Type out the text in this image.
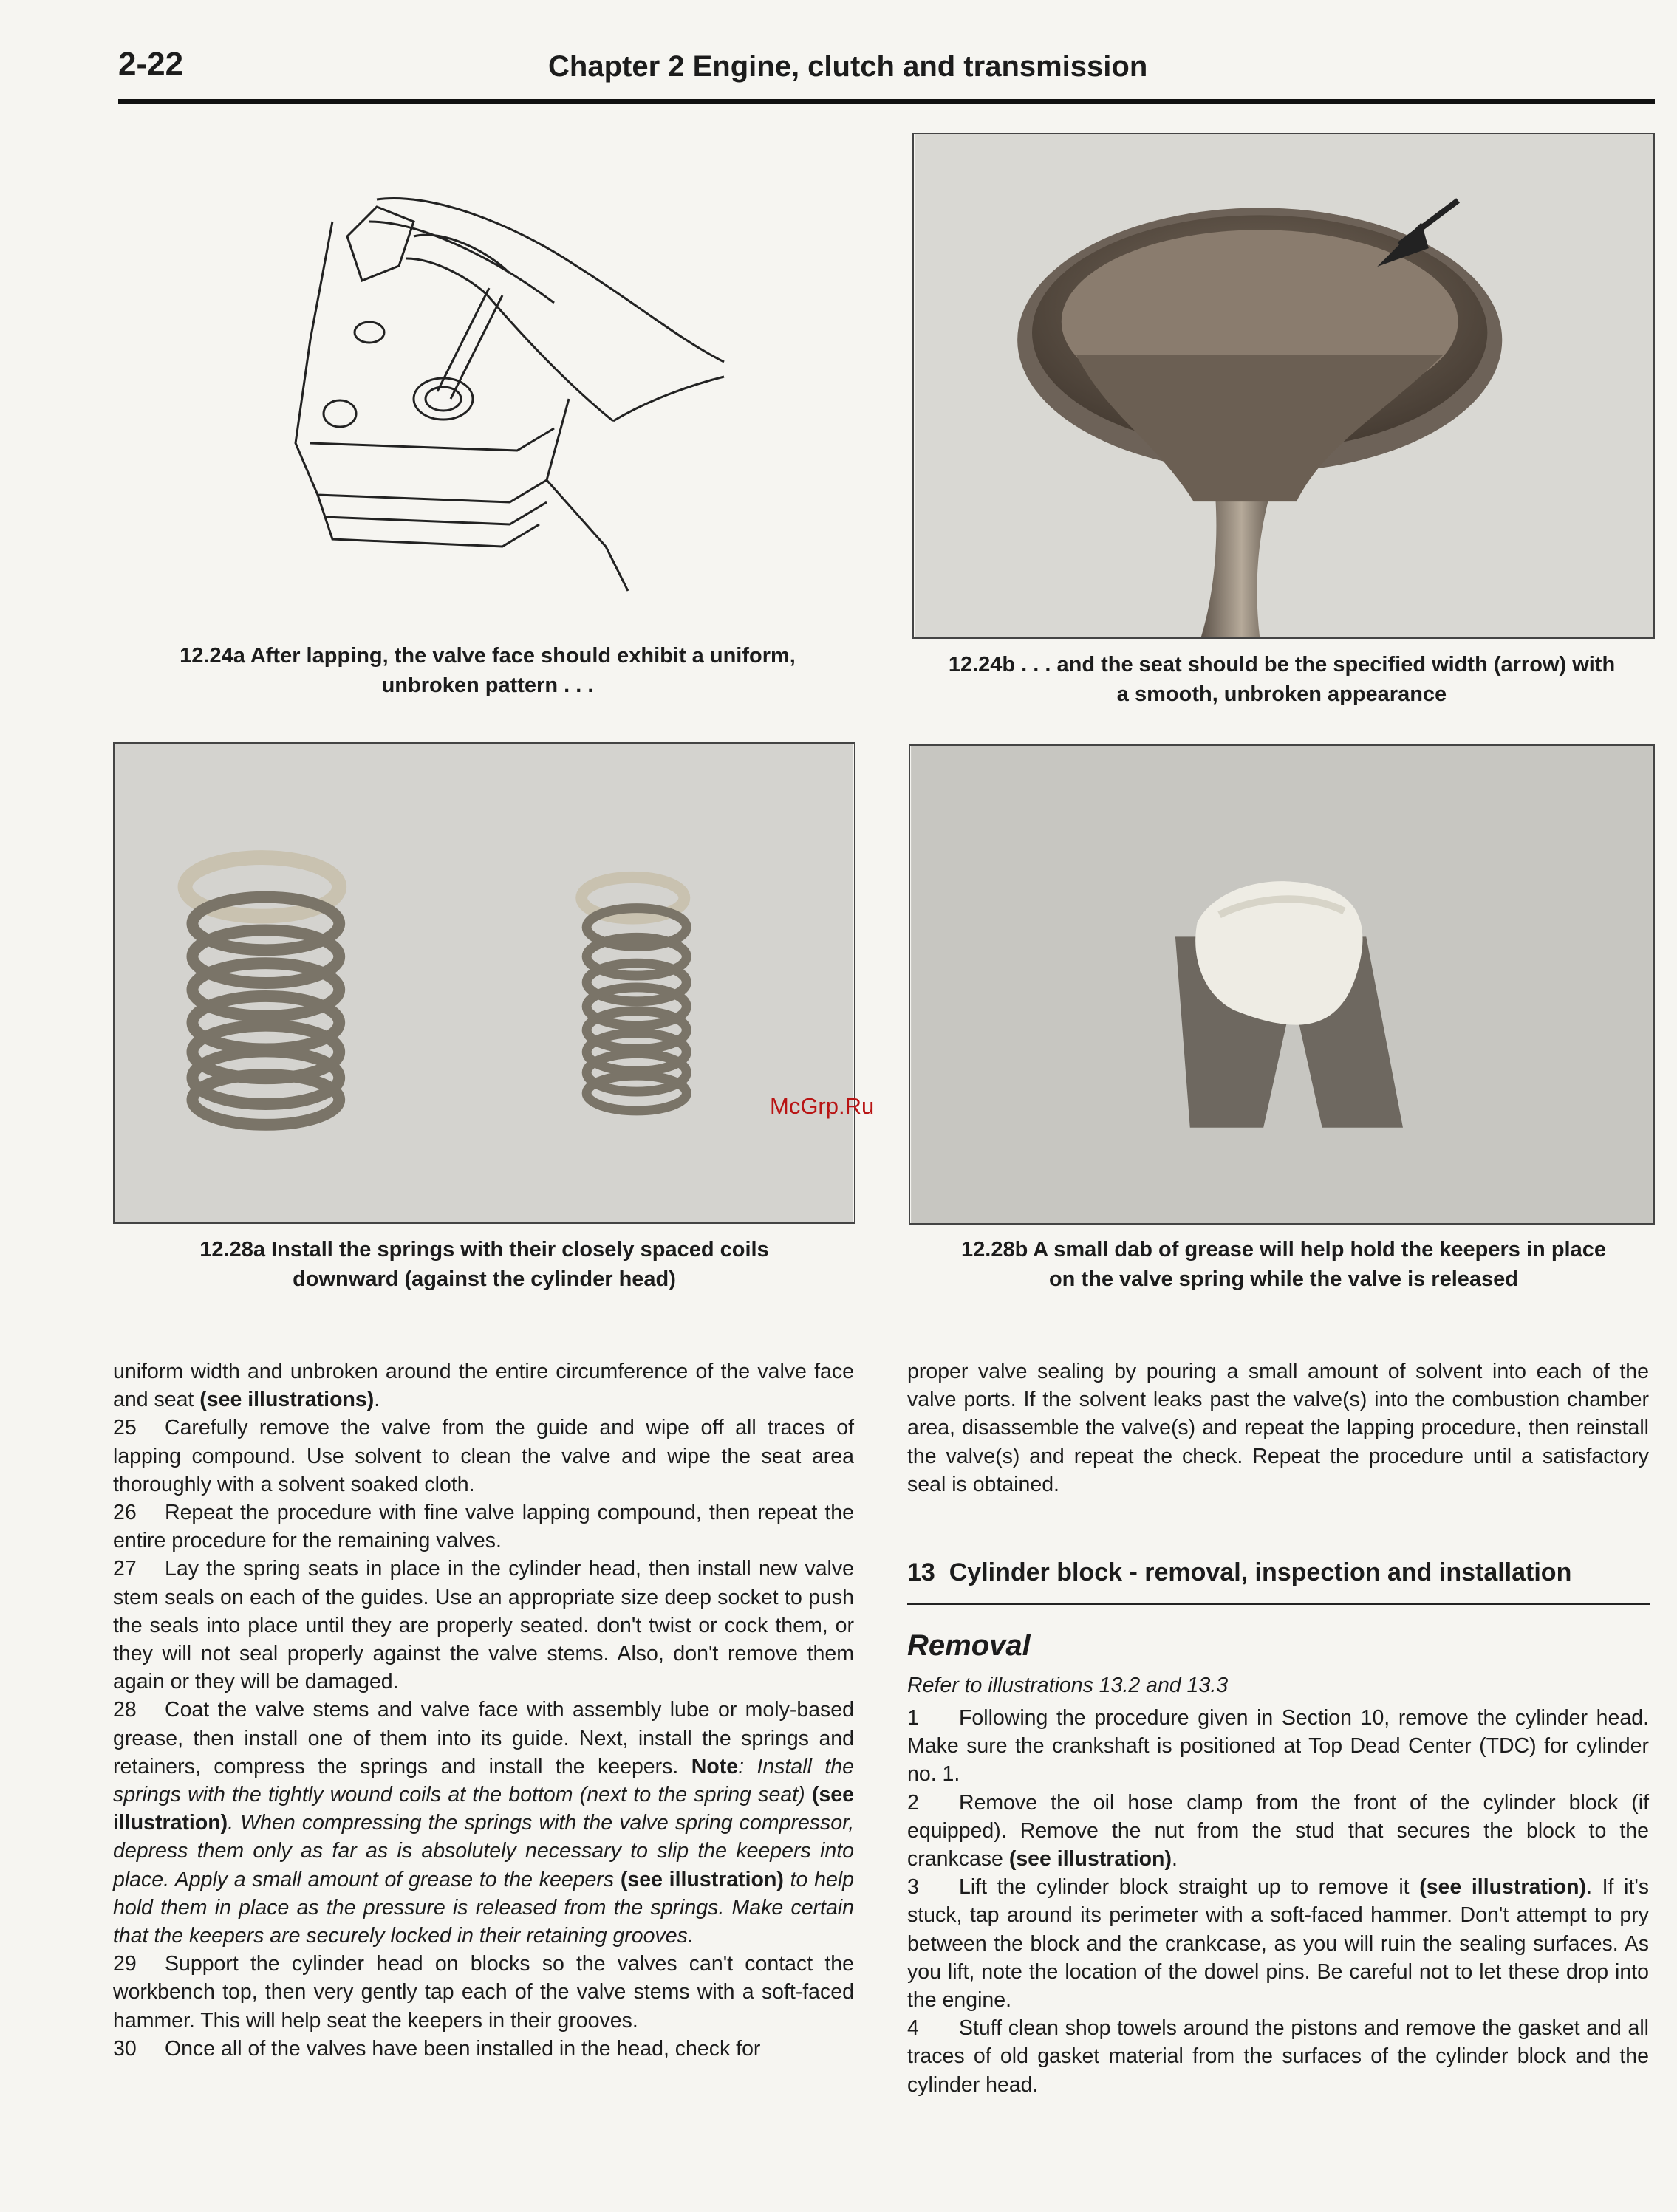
2-22	Chapter 2 Engine, clutch and transmission
12.24a After lapping, the valve face should exhibit a uniform,
unbroken pattern . . .
12.24b . . . and the seat should be the specified width (arrow) with
a smooth, unbroken appearance
12.28a Install the springs with their closely spaced coils
downward (against the cylinder head)
12.28b A small dab of grease will help hold the keepers in place
on the valve spring while the valve is released

uniform width and unbroken around the entire circumference of the valve face and seat (see illustrations).

25 Carefully remove the valve from the guide and wipe off all traces of lapping compound. Use solvent to clean the valve and wipe the seat area thoroughly with a solvent soaked cloth.

26 Repeat the procedure with fine valve lapping compound, then repeat the entire procedure for the remaining valves.

27 Lay the spring seats in place in the cylinder head, then install new valve stem seals on each of the guides. Use an appropriate size deep socket to push the seals into place until they are properly seated. don't twist or cock them, or they will not seal properly against the valve stems. Also, don't remove them again or they will be damaged.

28 Coat the valve stems and valve face with assembly lube or moly-based grease, then install one of them into its guide. Next, install the springs and retainers, compress the springs and install the keepers. Note: Install the springs with the tightly wound coils at the bottom (next to the spring seat) (see illustration). When compressing the springs with the valve spring compressor, depress them only as far as is absolutely necessary to slip the keepers into place. Apply a small amount of grease to the keepers (see illustration) to help hold them in place as the pressure is released from the springs. Make certain that the keepers are securely locked in their retaining grooves.

29 Support the cylinder head on blocks so the valves can't contact the workbench top, then very gently tap each of the valve stems with a soft-faced hammer. This will help seat the keepers in their grooves.

30 Once all of the valves have been installed in the head, check for

proper valve sealing by pouring a small amount of solvent into each of the valve ports. If the solvent leaks past the valve(s) into the combustion chamber area, disassemble the valve(s) and repeat the lapping procedure, then reinstall the valve(s) and repeat the check. Repeat the procedure until a satisfactory seal is obtained.

13 Cylinder block - removal, inspection and installation
Removal
Refer to illustrations 13.2 and 13.3

1 Following the procedure given in Section 10, remove the cylinder head. Make sure the crankshaft is positioned at Top Dead Center (TDC) for cylinder no. 1.

2 Remove the oil hose clamp from the front of the cylinder block (if equipped). Remove the nut from the stud that secures the block to the crankcase (see illustration).

3 Lift the cylinder block straight up to remove it (see illustration). If it's stuck, tap around its perimeter with a soft-faced hammer. Don't attempt to pry between the block and the crankcase, as you will ruin the sealing surfaces. As you lift, note the location of the dowel pins. Be careful not to let these drop into the engine.

4 Stuff clean shop towels around the pistons and remove the gasket and all traces of old gasket material from the surfaces of the cylinder block and the cylinder head.

McGrp.Ru
